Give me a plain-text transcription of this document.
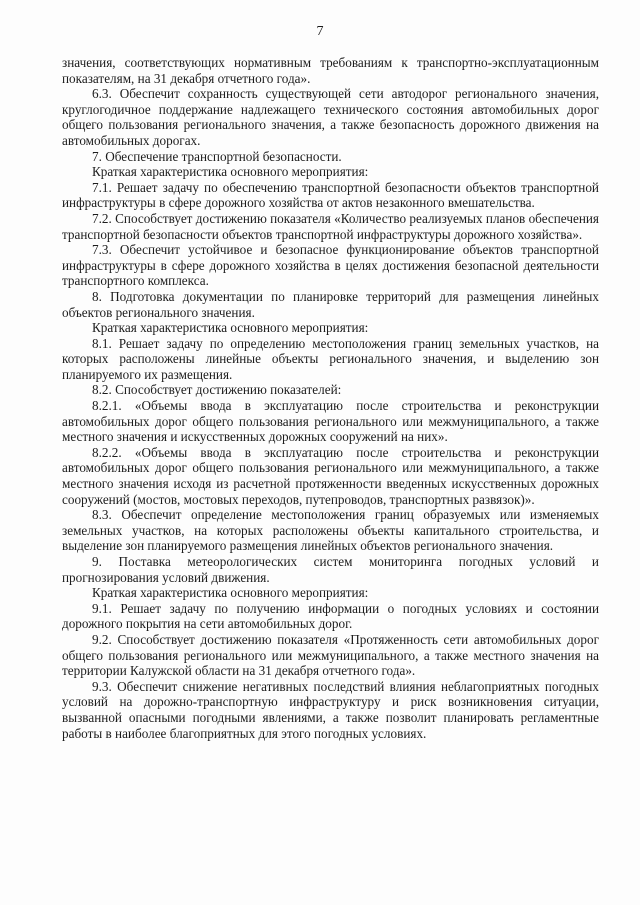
7

значения, соответствующих нормативным требованиям к транспортно-эксплуатационным показателям, на 31 декабря отчетного года».

6.3. Обеспечит сохранность существующей сети автодорог регионального значения, круглогодичное поддержание надлежащего технического состояния автомобильных дорог общего пользования регионального значения, а также безопасность дорожного движения на автомобильных дорогах.

7. Обеспечение транспортной безопасности.

Краткая характеристика основного мероприятия:

7.1. Решает задачу по обеспечению транспортной безопасности объектов транспортной инфраструктуры в сфере дорожного хозяйства от актов незаконного вмешательства.

7.2. Способствует достижению показателя «Количество реализуемых планов обеспечения транспортной безопасности объектов транспортной инфраструктуры дорожного хозяйства».

7.3. Обеспечит устойчивое и безопасное функционирование объектов транспортной инфраструктуры в сфере дорожного хозяйства в целях достижения безопасной деятельности транспортного комплекса.

8. Подготовка документации по планировке территорий для размещения линейных объектов регионального значения.

Краткая характеристика основного мероприятия:

8.1. Решает задачу по определению местоположения границ земельных участков, на которых расположены линейные объекты регионального значения, и выделению зон планируемого их размещения.

8.2. Способствует достижению показателей:

8.2.1. «Объемы ввода в эксплуатацию после строительства и реконструкции автомобильных дорог общего пользования регионального или межмуниципального, а также местного значения и искусственных дорожных сооружений на них».

8.2.2. «Объемы ввода в эксплуатацию после строительства и реконструкции автомобильных дорог общего пользования регионального или межмуниципального, а также местного значения исходя из расчетной протяженности введенных искусственных дорожных сооружений (мостов, мостовых переходов, путепроводов, транспортных развязок)».

8.3. Обеспечит определение местоположения границ образуемых или изменяемых земельных участков, на которых расположены объекты капитального строительства, и выделение зон планируемого размещения линейных объектов регионального значения.

9. Поставка метеорологических систем мониторинга погодных условий и прогнозирования условий движения.

Краткая характеристика основного мероприятия:

9.1. Решает задачу по получению информации о погодных условиях и состоянии дорожного покрытия на сети автомобильных дорог.

9.2. Способствует достижению показателя «Протяженность сети автомобильных дорог общего пользования регионального или межмуниципального, а также местного значения на территории Калужской области на 31 декабря отчетного года».

9.3. Обеспечит снижение негативных последствий влияния неблагоприятных погодных условий на дорожно-транспортную инфраструктуру и риск возникновения ситуации, вызванной опасными погодными явлениями, а также позволит планировать регламентные работы в наиболее благоприятных для этого погодных условиях.
